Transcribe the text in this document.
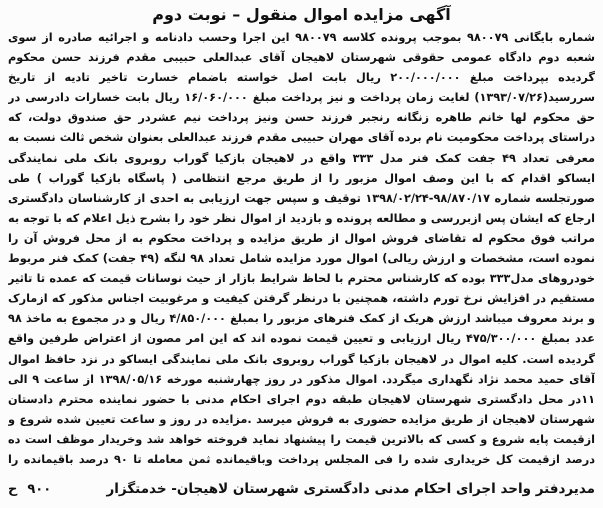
آگهی مزایده اموال منقول – نوبت دوم

شماره بایگانی ۹۸۰۰۷۹ بموجب پرونده کلاسه ۹۸۰۰۷۹ این اجرا وحسب دادنامه و اجرائیه صادره از سوی شعبه دوم دادگاه عمومی حقوقی شهرستان لاهیجان آقای عبدالعلی حبیبی مقدم فرزند حسن محکوم گردیده بپرداخت مبلغ ۲۰۰/۰۰۰/۰۰۰ ریال بابت اصل خواسته باضمام خسارت تاخیر تادیه از تاریخ سررسید(۱۳۹۳/۰۷/۲۶) لغایت زمان پرداخت و نیز پرداخت مبلغ ۱۶/۰۶۰/۰۰۰ ریال بابت خسارات دادرسی در حق محکوم لها خانم طاهره زنگانه رنجبر فرزند حسن ونیز پرداخت نیم عشردر حق صندوق دولت، که دراستای پرداخت محکومیت نام برده آقای مهران حبیبی مقدم فرزند عبدالعلی بعنوان شخص ثالث نسبت به معرفی تعداد ۴۹ جفت کمک فنر مدل ۳۳۳ واقع در لاهیجان بازکیا گوراب روبروی بانک ملی نمایندگی ایساکو اقدام که با این وصف اموال مزبور را از طریق مرجع انتظامی ( پاسگاه بازکیا گوراب ) طی صورتجلسه شماره ۹۸/۸۷۰/۱۷-۱۳۹۸/۰۲/۲۴ توقیف و سپس جهت ارزیابی به احدی از کارشناسان دادگستری ارجاع که ایشان پس ازبررسی و مطالعه پرونده و بازدید از اموال نظر خود را بشرح ذیل اعلام که با توجه به مراتب فوق محکوم له تقاضای فروش اموال از طریق مزایده و پرداخت محکوم به از محل فروش آن را نموده است، مشخصات و ارزش ریالی) اموال مورد مزایده شامل تعداد ۹۸ لنگه (۴۹ جفت) کمک فنر مربوط خودروهای مدل۳۳۳ بوده که کارشناس محترم با لحاظ شرایط بازار از حیث نوسانات قیمت که عمده تا تاثیر مستقیم در افزایش نرخ تورم داشته، همچنین با درنظر گرفتن کیفیت و مرغوبیت اجناس مذکور که ازمارک و برند معروف میباشد ارزش هریک از کمک فنرهای مزبور را بمبلغ ۴/۸۵۰/۰۰۰ ریال و در مجموع به ماخذ ۹۸ عدد بمبلغ ۴۷۵/۳۰۰/۰۰۰ ریال ارزیابی و تعیین قیمت نموده اند که این امر مصون از اعتراض طرفین واقع گردیده است. کلیه اموال در لاهیجان بازکیا گوراب روبروی بانک ملی نمایندگی ایساکو در نزد حافظ اموال آقای حمید محمد نژاد نگهداری میگردد. اموال مذکور در روز چهارشنبه مورخه ۱۳۹۸/۰۵/۱۶ از ساعت ۹ الی ۱۱در محل دادگستری شهرستان لاهیجان طبقه دوم اجرای احکام مدنی با حضور نماینده محترم دادستان شهرستان لاهیجان از طریق مزایده حضوری به فروش میرسد .مزایده در روز و ساعت تعیین شده شروع و ازقیمت پایه شروع و کسی که بالاترین قیمت را پیشنهاد نماید فروخته خواهد شد وخریدار موظف است ده درصد ازقیمت کل خریداری شده را فی المجلس پرداخت وباقیمانده ثمن معامله تا ۹۰ درصد باقیمانده را

مدیردفتر واحد اجرای احکام مدنی دادگستری شهرستان لاهیجان- خدمتگزار
۹۰۰
ح
